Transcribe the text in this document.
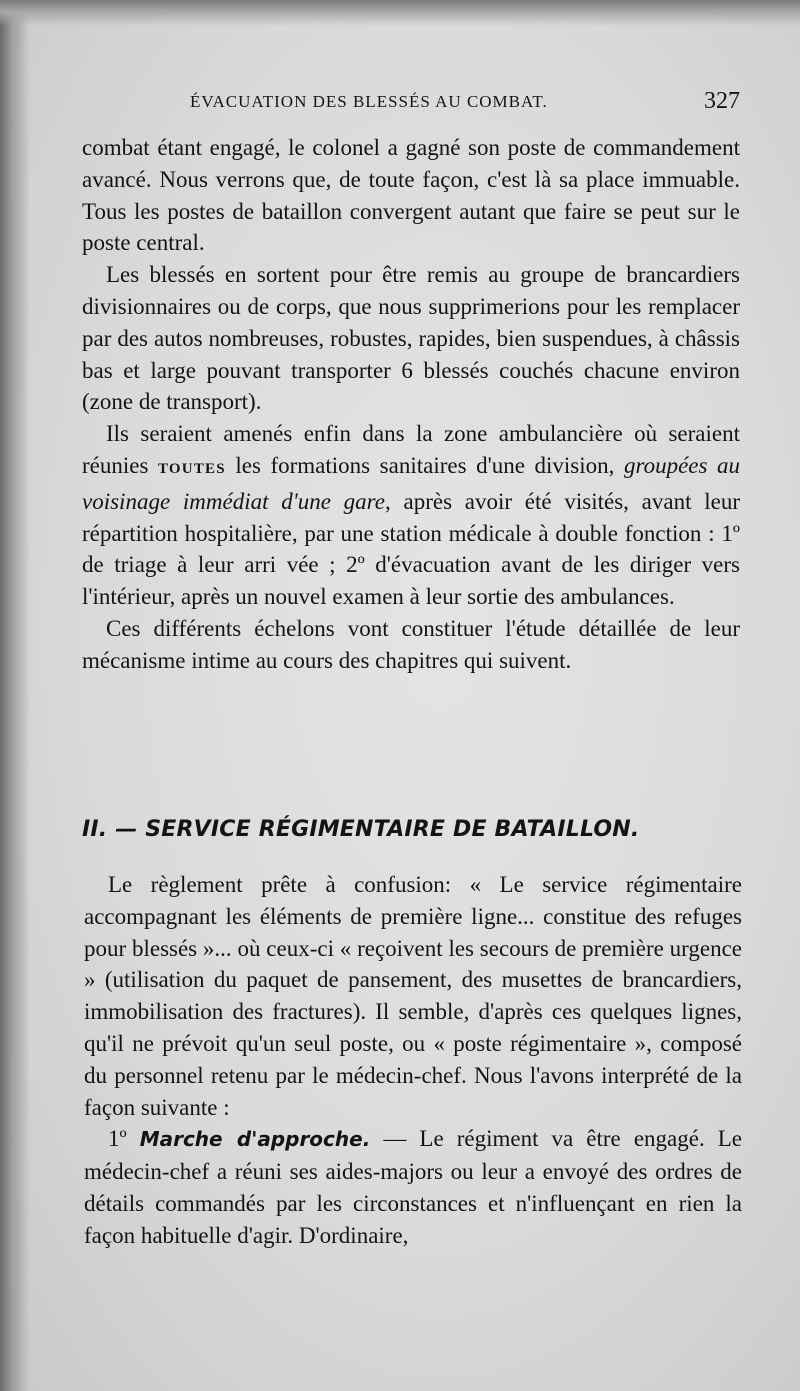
ÉVACUATION DES BLESSÉS AU COMBAT.	327

combat étant engagé, le colonel a gagné son poste de commandement avancé. Nous verrons que, de toute façon, c'est là sa place immuable. Tous les postes de bataillon convergent autant que faire se peut sur le poste central.

Les blessés en sortent pour être remis au groupe de brancardiers divisionnaires ou de corps, que nous supprimerions pour les remplacer par des autos nombreuses, robustes, rapides, bien suspendues, à châssis bas et large pouvant transporter 6 blessés couchés chacune environ (zone de transport).

Ils seraient amenés enfin dans la zone ambulancière où seraient réunies TOUTES les formations sanitaires d'une division, groupées au voisinage immédiat d'une gare, après avoir été visités, avant leur répartition hospitalière, par une station médicale à double fonction : 1º de triage à leur arri vée ; 2º d'évacuation avant de les diriger vers l'intérieur, après un nouvel examen à leur sortie des ambulances.

Ces différents échelons vont constituer l'étude détaillée de leur mécanisme intime au cours des chapitres qui suivent.

II. — SERVICE RÉGIMENTAIRE DE BATAILLON.

Le règlement prête à confusion: « Le service régimentaire accompagnant les éléments de première ligne... constitue des refuges pour blessés »... où ceux-ci « reçoivent les secours de première urgence » (utilisation du paquet de pansement, des musettes de brancardiers, immobilisation des fractures). Il semble, d'après ces quelques lignes, qu'il ne prévoit qu'un seul poste, ou « poste régimentaire », composé du personnel retenu par le médecin-chef. Nous l'avons interprété de la façon suivante :

1º Marche d'approche. — Le régiment va être engagé. Le médecin-chef a réuni ses aides-majors ou leur a envoyé des ordres de détails commandés par les circonstances et n'influençant en rien la façon habituelle d'agir. D'ordinaire,
